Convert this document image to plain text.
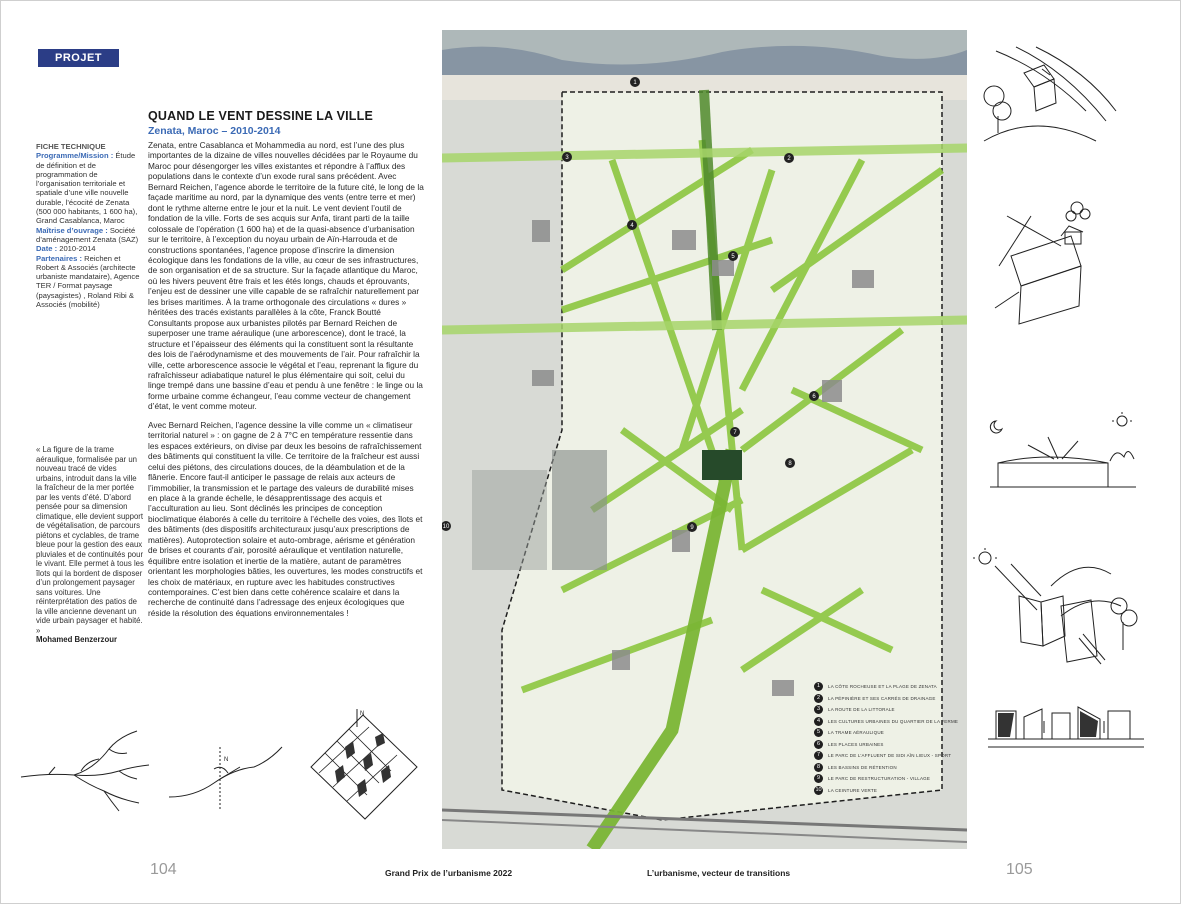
PROJET
QUAND LE VENT DESSINE LA VILLE
Zenata, Maroc – 2010-2014
FICHE TECHNIQUE
Programme/Mission : Étude de définition et de programmation de l’organisation territoriale et spatiale d’une ville nouvelle durable, l’écocité de Zenata (500 000 habitants, 1 600 ha), Grand Casablanca, Maroc
Maîtrise d’ouvrage : Société d’aménagement Zenata (SAZ)
Date : 2010-2014
Partenaires : Reichen et Robert & Associés (architecte urbaniste mandataire), Agence TER / Format paysage (paysagistes) , Roland Ribi & Associés (mobilité)

Zenata, entre Casablanca et Mohammedia au nord, est l’une des plus importantes de la dizaine de villes nouvelles décidées par le Royaume du Maroc pour désengorger les villes existantes et répondre à l’afflux des populations dans le contexte d’un exode rural sans précédent. Avec Bernard Reichen, l’agence aborde le territoire de la future cité, le long de la façade maritime au nord, par la dynamique des vents (entre terre et mer) dont le rythme alterne entre le jour et la nuit. Le vent devient l’outil de fondation de la ville. Forts de ses acquis sur Anfa, tirant parti de la taille colossale de l’opération (1 600 ha) et de la quasi-absence d’urbanisation sur le territoire, à l’exception du noyau urbain de Aïn-Harrouda et de constructions spontanées, l’agence propose d’inscrire la dimension écologique dans les fondations de la ville, au cœur de ses infrastructures, de son organisation et de sa structure. Sur la façade atlantique du Maroc, où les hivers peuvent être frais et les étés longs, chauds et éprouvants, l’enjeu est de dessiner une ville capable de se rafraîchir naturellement par les brises maritimes. À la trame orthogonale des circulations « dures » héritées des tracés existants parallèles à la côte, Franck Boutté Consultants propose aux urbanistes pilotés par Bernard Reichen de superposer une trame aéraulique (une arborescence), dont le tracé, la structure et l’épaisseur des éléments qui la constituent sont la résultante des lois de l’aérodynamisme et des mouvements de l’air. Pour rafraîchir la ville, cette arborescence associe le végétal et l’eau, reprenant la figure du rafraîchisseur adiabatique naturel le plus élémentaire qui soit, celui du linge trempé dans une bassine d’eau et pendu à une fenêtre : le linge ou la forme urbaine comme échangeur, l’eau comme vecteur de changement d’état, le vent comme moteur.

Avec Bernard Reichen, l’agence dessine la ville comme un « climatiseur territorial naturel » : on gagne de 2 à 7°C en température ressentie dans les espaces extérieurs, on divise par deux les besoins de rafraîchissement des bâtiments qui constituent la ville. Ce territoire de la fraîcheur est aussi celui des piétons, des circulations douces, de la déambulation et de la flânerie. Encore faut-il anticiper le passage de relais aux acteurs de l’immobilier, la transmission et le partage des valeurs de durabilité mises en place à la grande échelle, le désapprentissage des acquis et l’acculturation au lieu. Sont déclinés les principes de conception bioclimatique élaborés à celle du territoire à l’échelle des voies, des îlots et des bâtiments (des dispositifs architecturaux jusqu’aux prescriptions de matières). Autoprotection solaire et auto-ombrage, aérisme et génération de brises et courants d’air, porosité aéraulique et ventilation naturelle, équilibre entre isolation et inertie de la matière, autant de paramètres orientant les morphologies bâties, les ouvertures, les modes constructifs et les choix de matériaux, en rupture avec les habitudes constructives contemporaines. C’est bien dans cette cohérence scalaire et dans la recherche de continuité dans l’adressage des enjeux écologiques que réside la résolution des équations environnementales !

« La figure de la trame aéraulique, formalisée par un nouveau tracé de vides urbains, introduit dans la ville la fraîcheur de la mer portée par les vents d’été. D’abord pensée pour sa dimension climatique, elle devient support de végétalisation, de parcours piétons et cyclables, de trame bleue pour la gestion des eaux pluviales et de continuités pour le vivant. Elle permet à tous les îlots qui la bordent de disposer d’un prolongement paysager sans voitures. Une réinterprétation des patios de la ville ancienne devenant un vide urbain paysager et habité. »
Mohamed Benzerzour
N
N
1
2
3
4
5
6
7
8
9
10
1	LA CÔTE ROCHEUSE ET LA PLAGE DE ZENATA
2	LA PÉPINIÈRE ET SES CARRÉS DE DRAINAGE
3	LA ROUTE DE LA LITTORALE
4	LES CULTURES URBAINES DU QUARTIER DE LA FERME
5	LA TRAME AÉRAULIQUE
6	LES PLACES URBAINES
7	LE PARC DE L’AFFLUENT DE SIDI AÏN LIEUX - SPORT
8	LES BASSINS DE RÉTENTION
9	LE PARC DE RESTRUCTURATION - VILLAGE
10	LA CEINTURE VERTE
104	Grand Prix de l’urbanisme 2022	L’urbanisme, vecteur de transitions	105
